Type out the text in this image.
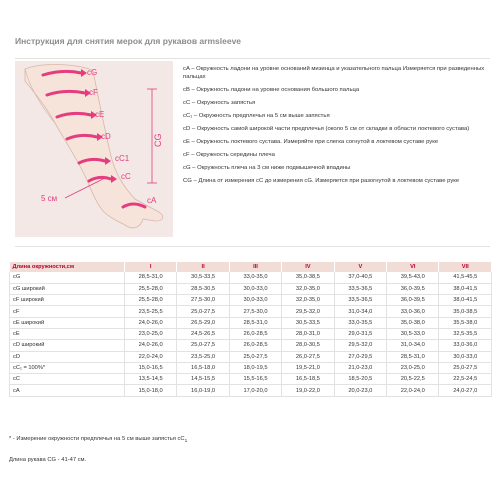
Инструкция для снятия мерок для рукавов armsleeve
cG
cF
cE
cD
cC1
cC
cA
CG
5 см
cA – Окружность ладони на уровне оснований мизинца и указательного пальца Измеряется при разведенных пальцах
cB – Окружность ладони на уровне основания большого пальца
cC – Окружность запястья
cC₁ – Окружность предплечья на 5 см выше запястья
cD – Окружность самой широкой части предплечья (около 5 см от складки в области локтевого сустава)
cE – Окружность локтевого сустава. Измеряйте при слегка согнутой в локтевом суставе руке
cF – Окружность середины плеча
cG – Окружность плеча на 3 см ниже подмышечной впадины
CG – Длина от измерения cC до измерения cG. Измеряется при разогнутой в локтевом суставе руке
Длина окружности,см	I	II	III	IV	V	VI	VII
cG	28,5-31,0	30,5-33,5	33,0-35,0	35,0-38,5	37,0-40,5	39,5-43,0	41,5-45,5
cG широкий	25,5-28,0	28,5-30,5	30,0-33,0	32,0-35,0	33,5-36,5	36,0-39,5	38,0-41,5
cF широкий	25,5-28,0	27,5-30,0	30,0-33,0	32,0-35,0	33,5-36,5	36,0-39,5	38,0-41,5
cF	23,5-25,5	25,0-27,5	27,5-30,0	29,5-32,0	31,0-34,0	33,0-36,0	35,0-38,5
cE широкий	24,0-26,0	26,5-29,0	28,5-31,0	30,5-33,5	33,0-35,5	35,0-38,0	35,5-38,0
cE	23,0-25,0	24,5-26,5	26,0-28,5	28,0-31,0	29,0-31,5	30,5-33,0	32,5-35,5
cD широкий	24,0-26,0	25,0-27,5	26,0-28,5	28,0-30,5	29,5-32,0	31,0-34,0	33,0-36,0
cD	22,0-24,0	23,5-25,0	25,0-27,5	26,0-27,5	27,0-29,5	28,5-31,0	30,0-33,0
cC₁ = 100%*	15,0-16,5	16,5-18,0	18,0-19,5	19,5-21,0	21,0-23,0	23,0-25,0	25,0-27,5
cC	13,5-14,5	14,5-15,5	15,5-16,5	16,5-18,5	18,5-20,5	20,5-22,5	22,5-24,5
cA	15,0-18,0	16,0-19,0	17,0-20,0	19,0-22,0	20,0-23,0	22,0-24,0	24,0-27,0
* - Измерение окружности предплечья на 5 см выше запястья $cC_1$
Длина рукава CG - 41-47 см.
